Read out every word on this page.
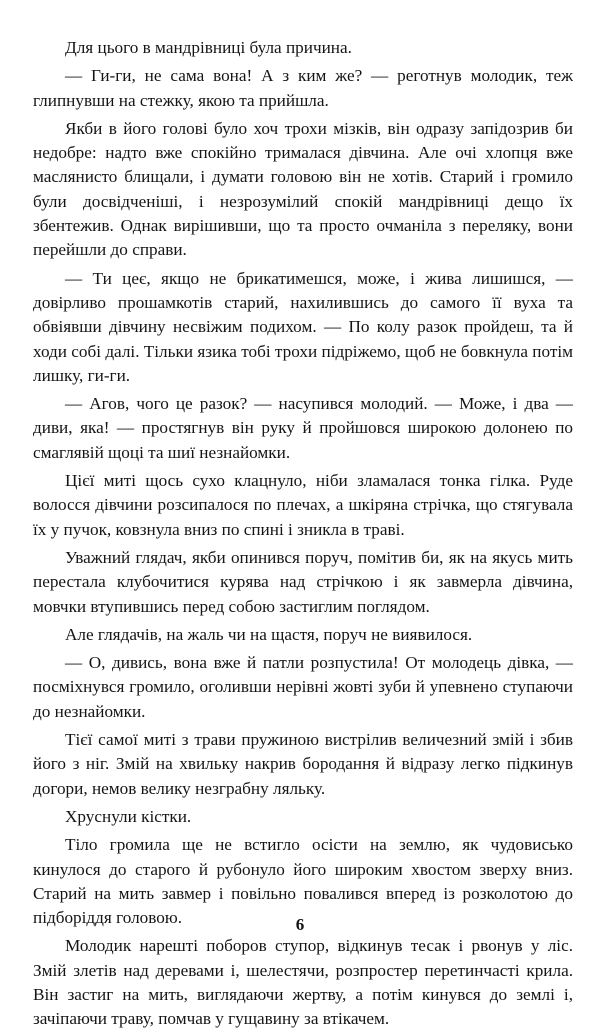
Для цього в мандрівниці була причина.

— Ги-ги, не сама вона! А з ким же? — реготнув молодик, теж глипнувши на стежку, якою та прийшла.

Якби в його голові було хоч трохи мізків, він одразу запідозрив би недобре: надто вже спокійно трималася дівчина. Але очі хлопця вже маслянисто блищали, і думати головою він не хотів. Старий і громило були досвідченіші, і незрозумілий спокій мандрівниці дещо їх збентежив. Однак вирішивши, що та просто очманіла з переляку, вони перейшли до справи.

— Ти цеє, якщо не брикатимешся, може, і жива лишишся, — довірливо прошамкотів старий, нахилившись до самого її вуха та обвіявши дівчину несвіжим подихом. — По колу разок пройдеш, та й ходи собі далі. Тільки язика тобі трохи підріжемо, щоб не бовкнула потім лишку, ги-ги.

— Агов, чого це разок? — насупився молодий. — Може, і два — диви, яка! — простягнув він руку й пройшовся широкою долонею по смаглявій щоці та шиї незнайомки.

Цієї миті щось сухо клацнуло, ніби зламалася тонка гілка. Руде волосся дівчини розсипалося по плечах, а шкіряна стрічка, що стягувала їх у пучок, ковзнула вниз по спині і зникла в траві.

Уважний глядач, якби опинився поруч, помітив би, як на якусь мить перестала клубочитися курява над стрічкою і як завмерла дівчина, мовчки втупившись перед собою застиглим поглядом.

Але глядачів, на жаль чи на щастя, поруч не виявилося.

— О, дивись, вона вже й патли розпустила! От молодець дівка, — посміхнувся громило, оголивши нерівні жовті зуби й упевнено ступаючи до незнайомки.

Тієї самої миті з трави пружиною вистрілив величезний змій і збив його з ніг. Змій на хвильку накрив бородання й відразу легко підкинув догори, немов велику незграбну ляльку.

Хруснули кістки.

Тіло громила ще не встигло осісти на землю, як чудовисько кинулося до старого й рубонуло його широким хвостом зверху вниз. Старий на мить завмер і повільно повалився вперед із розколотою до підборіддя головою.

Молодик нарешті поборов ступор, відкинув тесак і рвонув у ліс. Змій злетів над деревами і, шелестячи, розпростер перетинчасті крила. Він застиг на мить, виглядаючи жертву, а потім кинувся до землі і, зачіпаючи траву, помчав у гущавину за втікачем.

6
